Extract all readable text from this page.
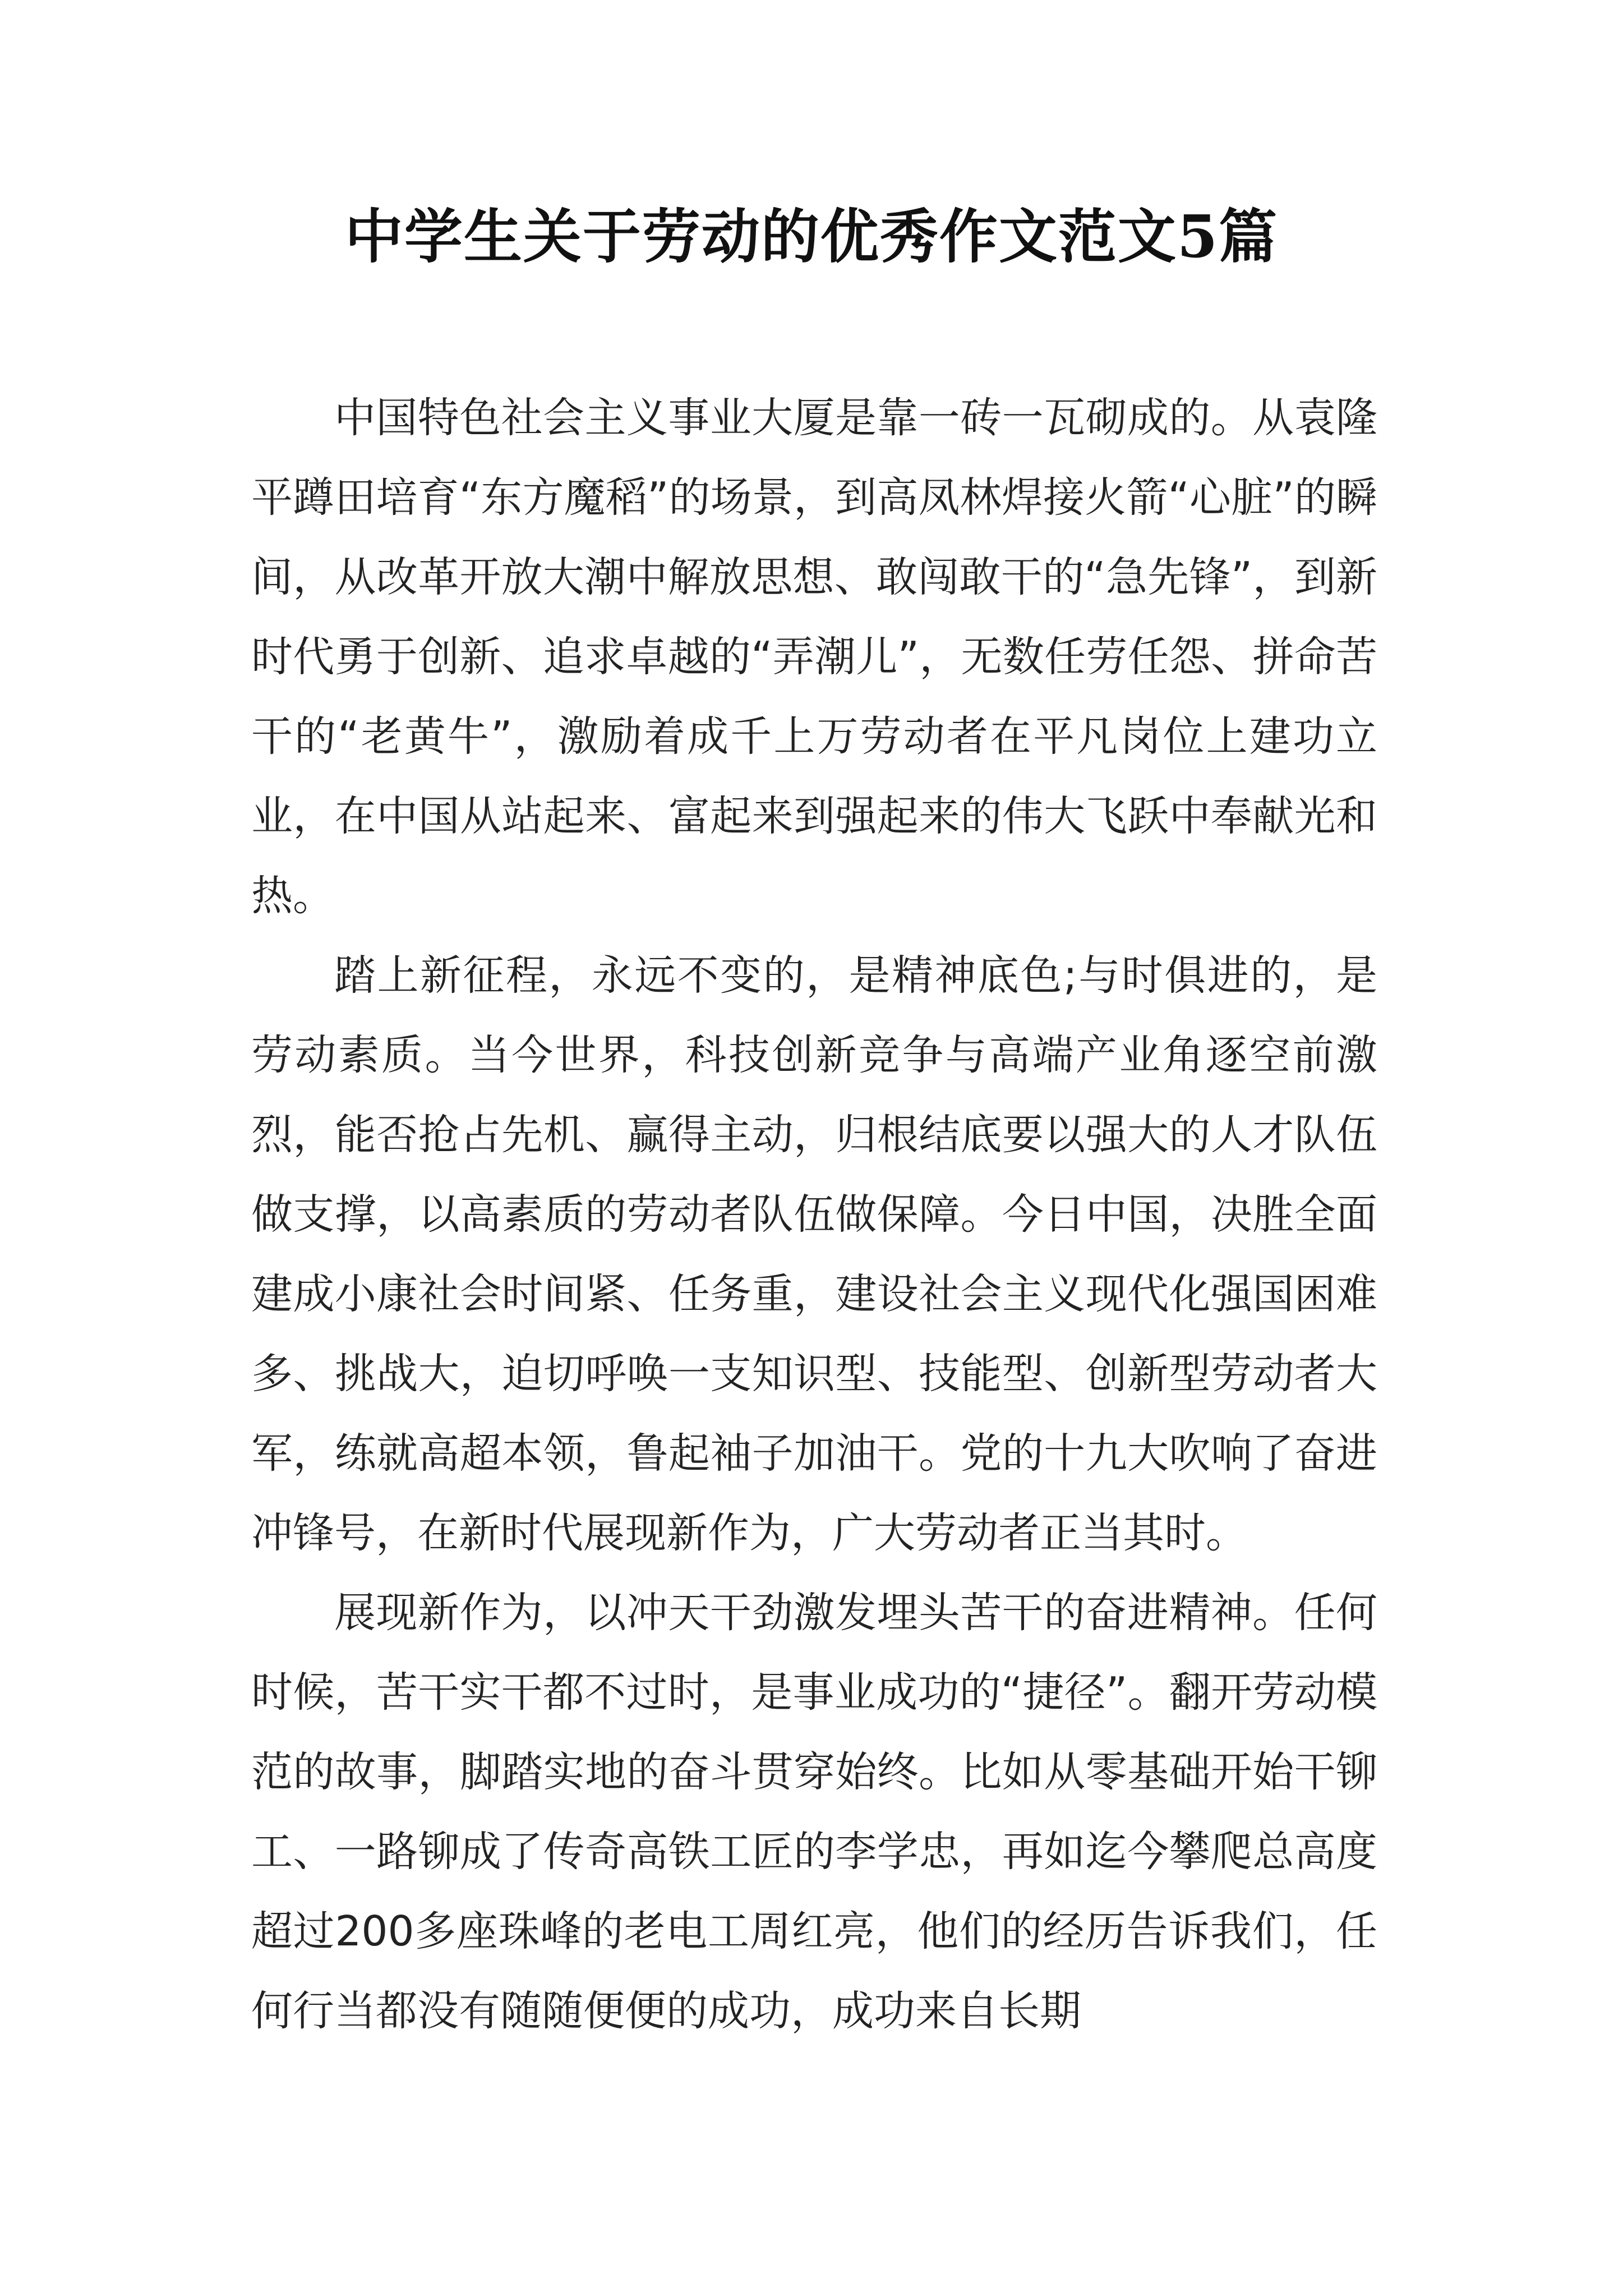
中学生关于劳动的优秀作文范文5篇

中国特色社会主义事业大厦是靠一砖一瓦砌成的。从袁隆平蹲田培育“东方魔稻”的场景，到高凤林焊接火箭“心脏”的瞬间，从改革开放大潮中解放思想、敢闯敢干的“急先锋”，到新时代勇于创新、追求卓越的“弄潮儿”，无数任劳任怨、拼命苦干的“老黄牛”，激励着成千上万劳动者在平凡岗位上建功立业，在中国从站起来、富起来到强起来的伟大飞跃中奉献光和热。

踏上新征程，永远不变的，是精神底色;与时俱进的，是劳动素质。当今世界，科技创新竞争与高端产业角逐空前激烈，能否抢占先机、赢得主动，归根结底要以强大的人才队伍做支撑，以高素质的劳动者队伍做保障。今日中国，决胜全面建成小康社会时间紧、任务重，建设社会主义现代化强国困难多、挑战大，迫切呼唤一支知识型、技能型、创新型劳动者大军，练就高超本领，鲁起袖子加油干。党的十九大吹响了奋进冲锋号，在新时代展现新作为，广大劳动者正当其时。

展现新作为，以冲天干劲激发埋头苦干的奋进精神。任何时候，苦干实干都不过时，是事业成功的“捷径”。翻开劳动模范的故事，脚踏实地的奋斗贯穿始终。比如从零基础开始干铆工、一路铆成了传奇高铁工匠的李学忠，再如迄今攀爬总高度超过200多座珠峰的老电工周红亮，他们的经历告诉我们，任何行当都没有随随便便的成功，成功来自长期
